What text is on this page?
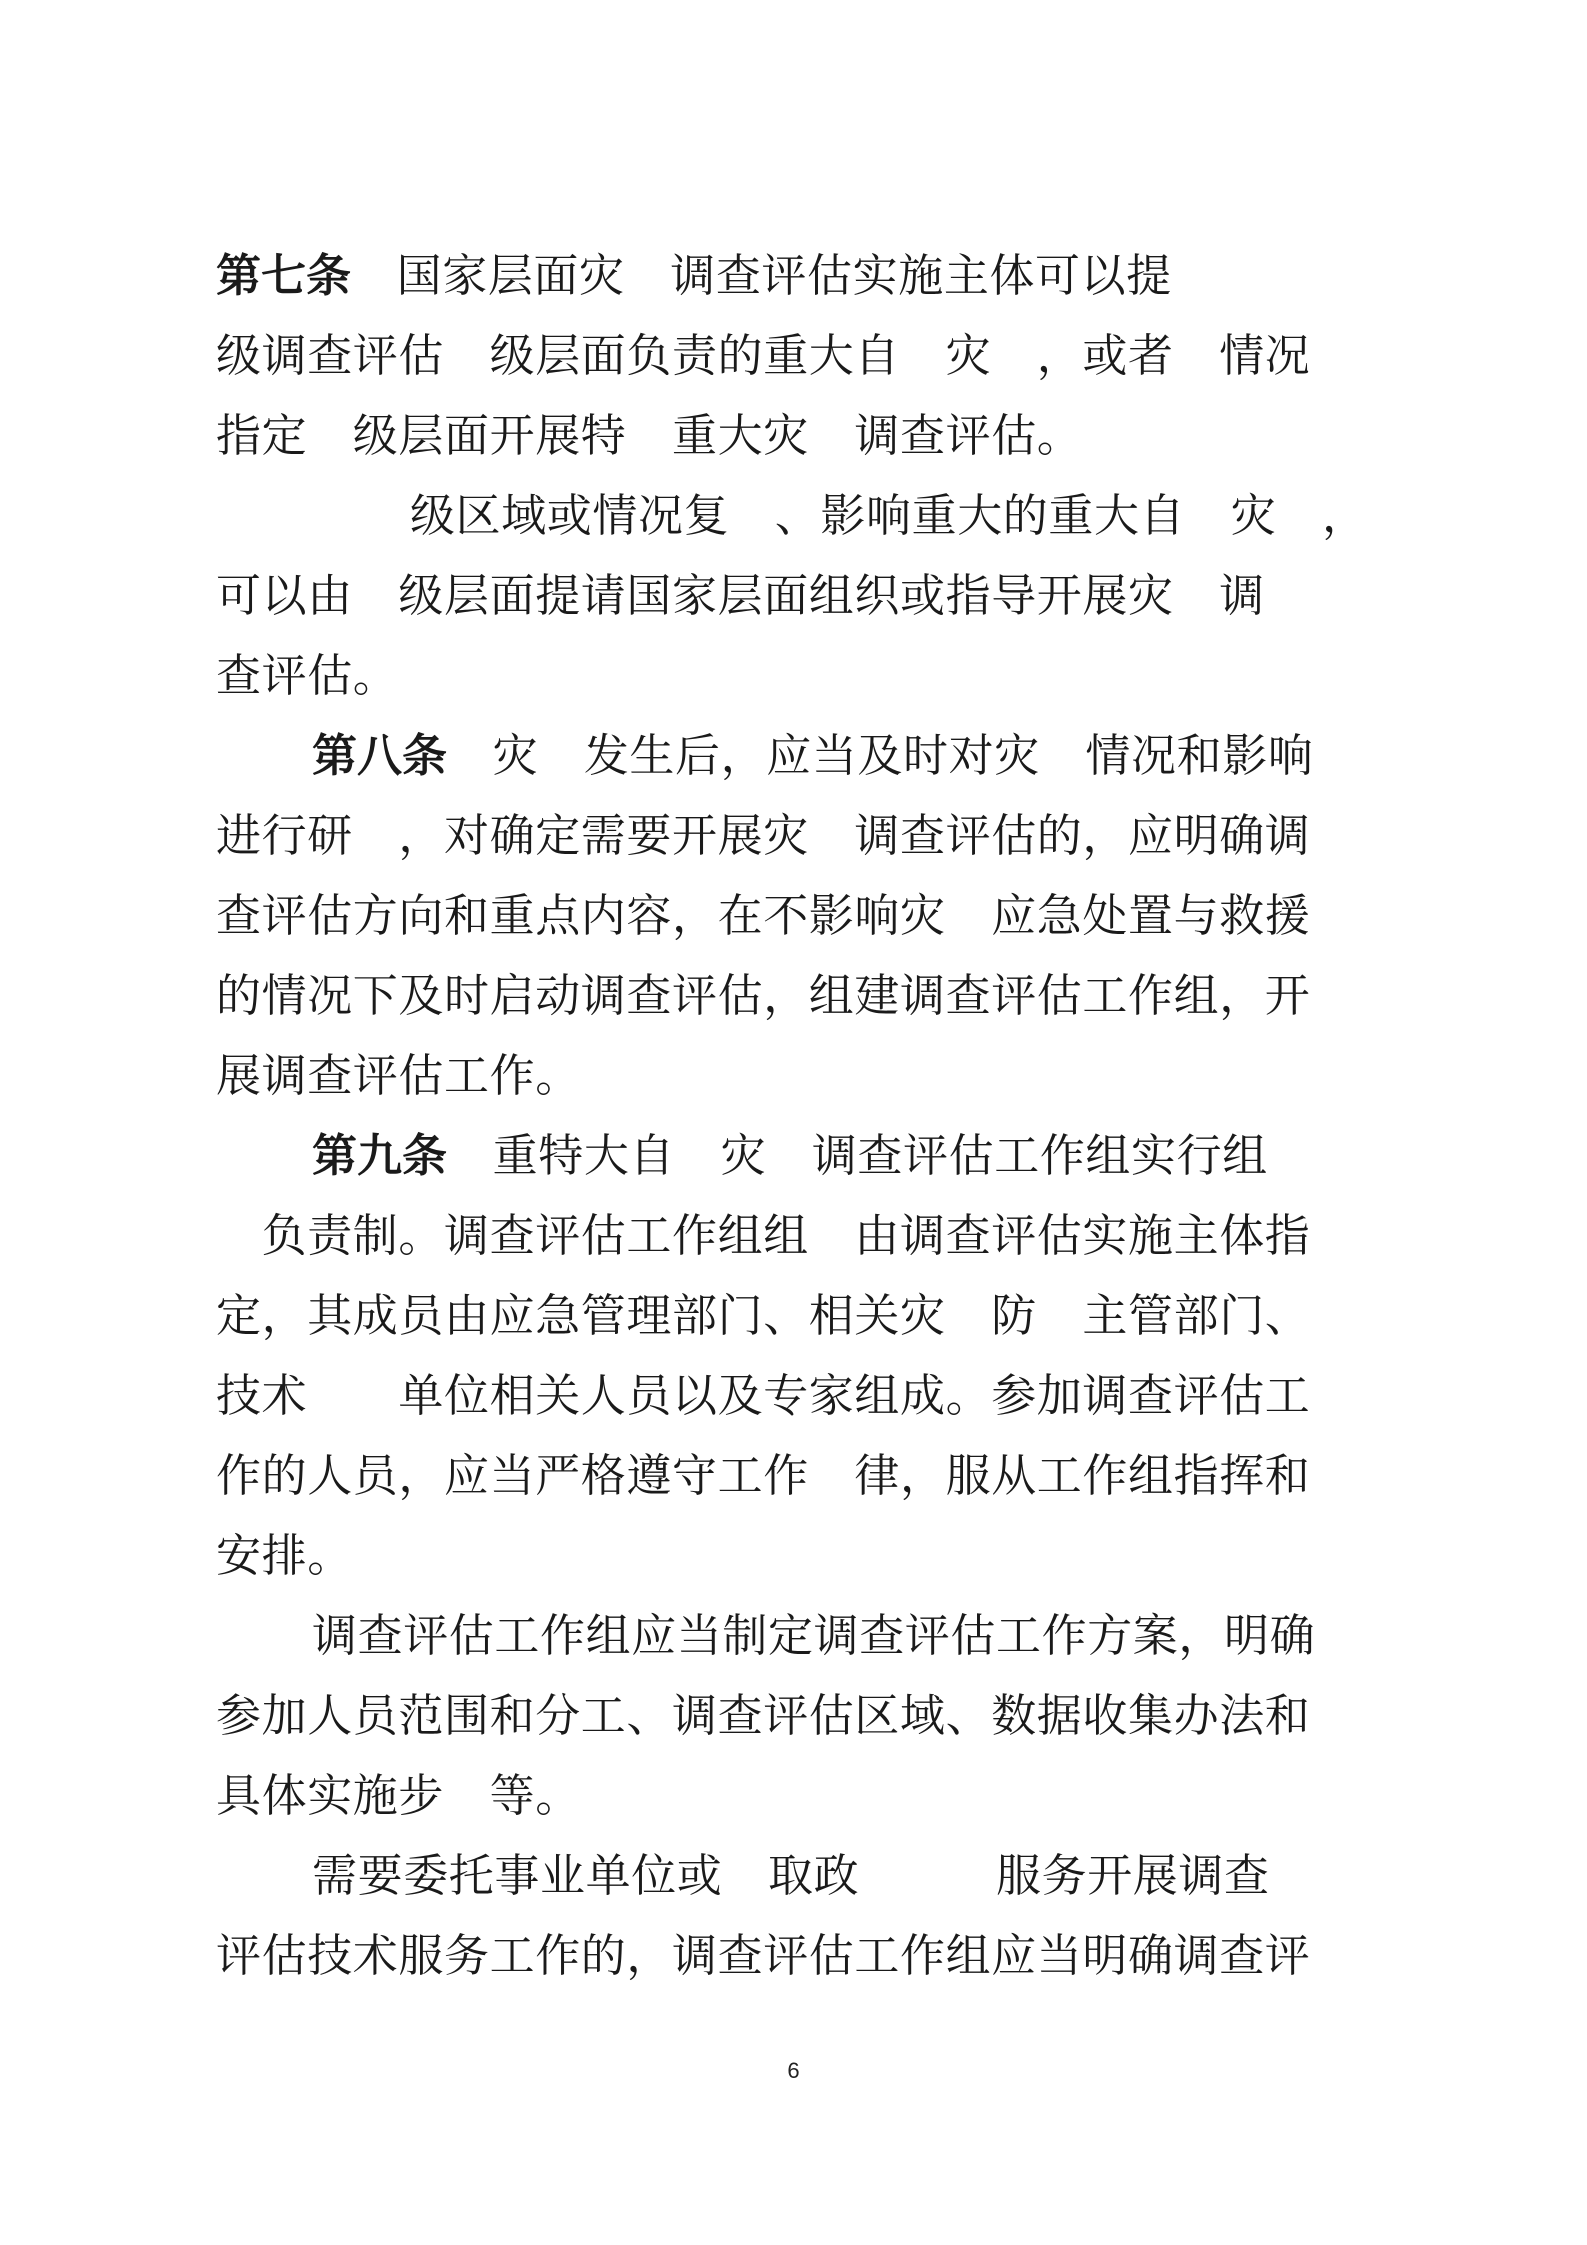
第七条　国家层面灾　调查评估实施主体可以提
级调查评估　级层面负责的重大自　灾　，或者　情况
指定　级层面开展特　重大灾　调查评估。
级区域或情况复　、影响重大的重大自　灾　，
可以由　级层面提请国家层面组织或指导开展灾　调
查评估。
第八条　灾　发生后，应当及时对灾　情况和影响
进行研　，对确定需要开展灾　调查评估的，应明确调
查评估方向和重点内容，在不影响灾　应急处置与救援
的情况下及时启动调查评估，组建调查评估工作组，开
展调查评估工作。
第九条　重特大自　灾　调查评估工作组实行组
　负责制。调查评估工作组组　由调查评估实施主体指
定，其成员由应急管理部门、相关灾　防　主管部门、
技术　　单位相关人员以及专家组成。参加调查评估工
作的人员，应当严格遵守工作　律，服从工作组指挥和
安排。
调查评估工作组应当制定调查评估工作方案，明确
参加人员范围和分工、调查评估区域、数据收集办法和
具体实施步　等。
需要委托事业单位或　取政　　　服务开展调查
评估技术服务工作的，调查评估工作组应当明确调查评
6
